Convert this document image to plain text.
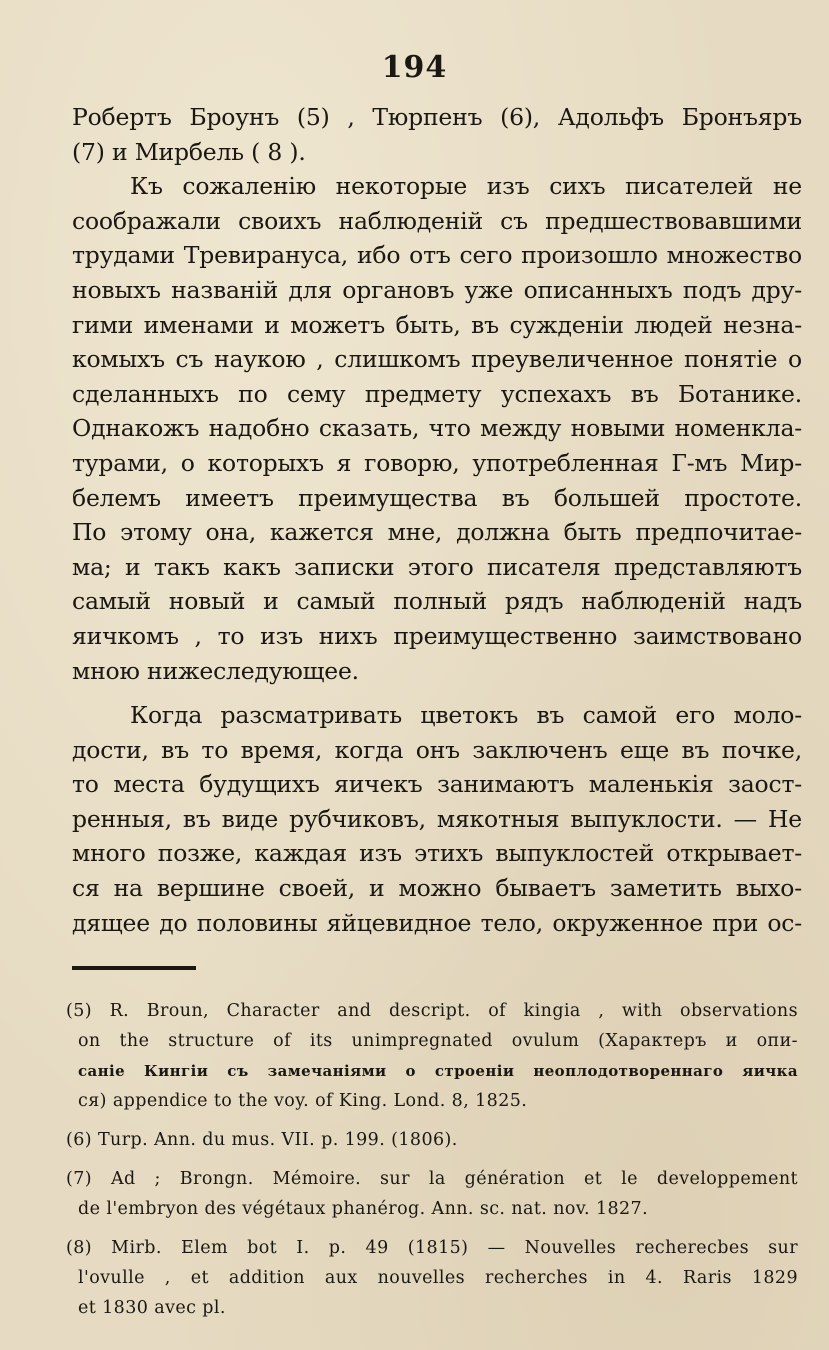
194
Робертъ Броунъ (5) , Тюрпенъ (6), Адольфъ Бронъяръ
(7) и Мирбель ( 8 ).
Къ сожаленію некоторые изъ сихъ писателей не
соображали своихъ наблюденій съ предшествовавшими
трудами Тревирануса, ибо отъ сего произошло множество
новыхъ названій для органовъ уже описанныхъ подъ дру-
гими именами и можетъ быть, въ сужденіи людей незна-
комыхъ съ наукою , слишкомъ преувеличенное понятіе о
сделанныхъ по сему предмету успехахъ въ Ботанике.
Однакожъ надобно сказать, что между новыми номенкла-
турами, о которыхъ я говорю, употребленная Г-мъ Мир-
белемъ имеетъ преимущества въ большей простоте.
По этому она, кажется мне, должна быть предпочитае-
ма; и такъ какъ записки этого писателя представляютъ
самый новый и самый полный рядъ наблюденій надъ
яичкомъ , то изъ нихъ преимущественно заимствовано
мною нижеследующее.
Когда разсматривать цветокъ въ самой его моло-
дости, въ то время, когда онъ заключенъ еще въ почке,
то места будущихъ яичекъ занимаютъ маленькія заост-
ренныя, въ виде рубчиковъ, мякотныя выпуклости. — Не
много позже, каждая изъ этихъ выпуклостей открывает-
ся на вершине своей, и можно бываетъ заметить выхо-
дящее до половины яйцевидное тело, окруженное при ос-
(5) R. Broun, Character and descript. of kingia , with observations
on the structure of its unimpregnated ovulum (Характеръ и опи-
саніе Кингіи съ замечаніями о строеніи неоплодотвореннаго яичка
ся) appendice to the voy. of King. Lond. 8, 1825.
(6) Turp. Ann. du mus. VII. p. 199. (1806).
(7) Ad ; Brongn. Mémoire. sur la génération et le developpement
de l'embryon des végétaux phanérog. Ann. sc. nat. nov. 1827.
(8) Mirb. Elem bot I. p. 49 (1815) — Nouvelles recherecbes sur
l'ovulle , et addition aux nouvelles recherches in 4. Raris 1829
et 1830 avec pl.
